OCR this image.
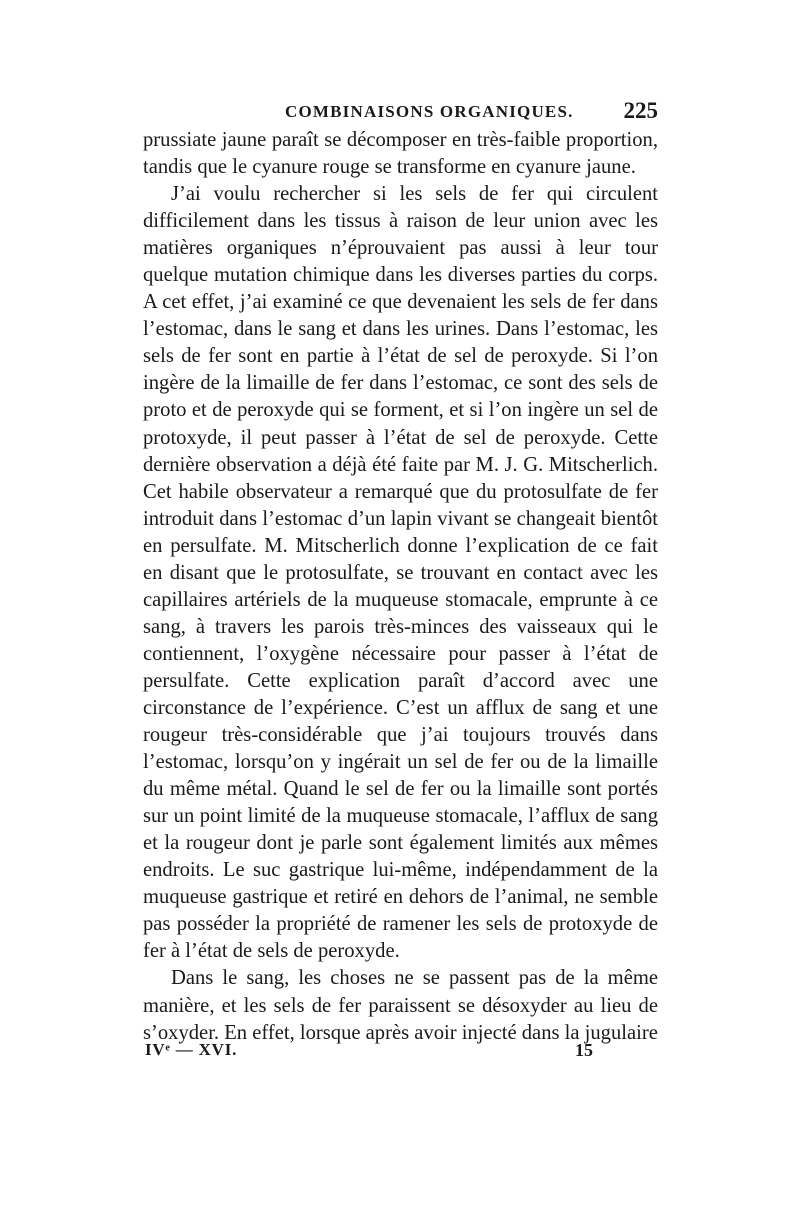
COMBINAISONS ORGANIQUES. 225

prussiate jaune paraît se décomposer en très-faible proportion, tandis que le cyanure rouge se transforme en cyanure jaune.

J’ai voulu rechercher si les sels de fer qui circulent difficilement dans les tissus à raison de leur union avec les matières organiques n’éprouvaient pas aussi à leur tour quelque mutation chimique dans les diverses parties du corps. A cet effet, j’ai examiné ce que devenaient les sels de fer dans l’estomac, dans le sang et dans les urines. Dans l’estomac, les sels de fer sont en partie à l’état de sel de peroxyde. Si l’on ingère de la limaille de fer dans l’estomac, ce sont des sels de proto et de peroxyde qui se forment, et si l’on ingère un sel de protoxyde, il peut passer à l’état de sel de peroxyde. Cette dernière observation a déjà été faite par M. J. G. Mitscherlich. Cet habile observateur a remarqué que du protosulfate de fer introduit dans l’estomac d’un lapin vivant se changeait bientôt en persulfate. M. Mitscherlich donne l’explication de ce fait en disant que le protosulfate, se trouvant en contact avec les capillaires artériels de la muqueuse stomacale, emprunte à ce sang, à travers les parois très-minces des vaisseaux qui le contiennent, l’oxygène nécessaire pour passer à l’état de persulfate. Cette explication paraît d’accord avec une circonstance de l’expérience. C’est un afflux de sang et une rougeur très-considérable que j’ai toujours trouvés dans l’estomac, lorsqu’on y ingérait un sel de fer ou de la limaille du même métal. Quand le sel de fer ou la limaille sont portés sur un point limité de la muqueuse stomacale, l’afflux de sang et la rougeur dont je parle sont également limités aux mêmes endroits. Le suc gastrique lui-même, indépendamment de la muqueuse gastrique et retiré en dehors de l’animal, ne semble pas posséder la propriété de ramener les sels de protoxyde de fer à l’état de sels de peroxyde.

Dans le sang, les choses ne se passent pas de la même manière, et les sels de fer paraissent se désoxyder au lieu de s’oxyder. En effet, lorsque après avoir injecté dans la jugulaire

IVᵉ — XVI.	15
